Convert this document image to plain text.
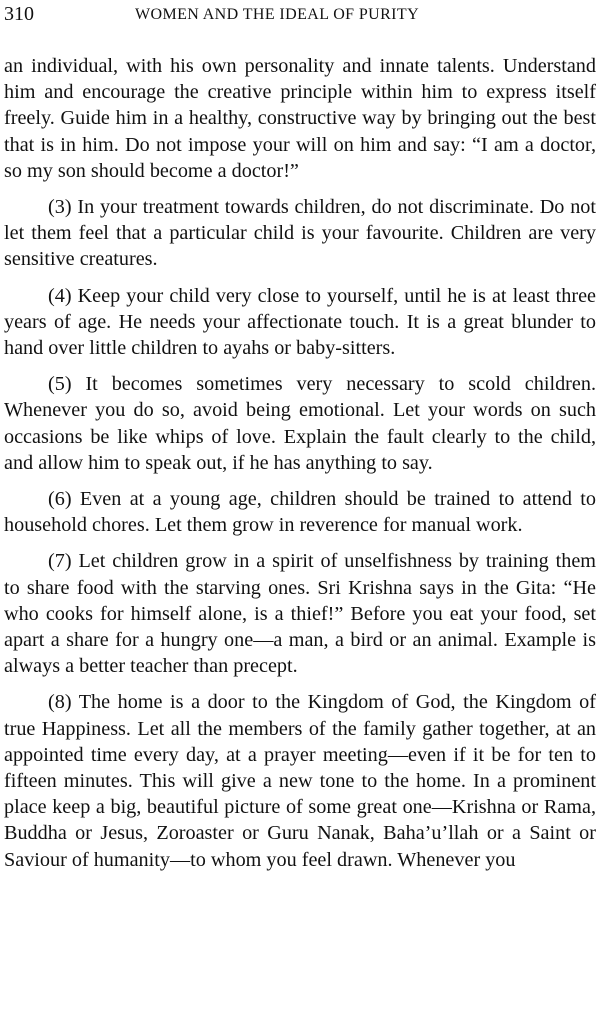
310	WOMEN AND THE IDEAL OF PURITY

an individual, with his own personality and innate talents. Understand him and encourage the creative principle within him to express itself freely. Guide him in a healthy, constructive way by bringing out the best that is in him. Do not impose your will on him and say: “I am a doctor, so my son should become a doctor!”

(3) In your treatment towards children, do not discriminate. Do not let them feel that a particular child is your favourite. Children are very sensitive creatures.

(4) Keep your child very close to yourself, until he is at least three years of age. He needs your affectionate touch. It is a great blunder to hand over little children to ayahs or baby-sitters.

(5) It becomes sometimes very necessary to scold children. Whenever you do so, avoid being emotional. Let your words on such occasions be like whips of love. Explain the fault clearly to the child, and allow him to speak out, if he has anything to say.

(6) Even at a young age, children should be trained to attend to household chores. Let them grow in reverence for manual work.

(7) Let children grow in a spirit of unselfishness by training them to share food with the starving ones. Sri Krishna says in the Gita: “He who cooks for himself alone, is a thief!” Before you eat your food, set apart a share for a hungry one—a man, a bird or an animal. Example is always a better teacher than precept.

(8) The home is a door to the Kingdom of God, the Kingdom of true Happiness. Let all the members of the family gather together, at an appointed time every day, at a prayer meeting—even if it be for ten to fifteen minutes. This will give a new tone to the home. In a prominent place keep a big, beautiful picture of some great one—Krishna or Rama, Buddha or Jesus, Zoroaster or Guru Nanak, Baha’u’llah or a Saint or Saviour of humanity—to whom you feel drawn. Whenever you
